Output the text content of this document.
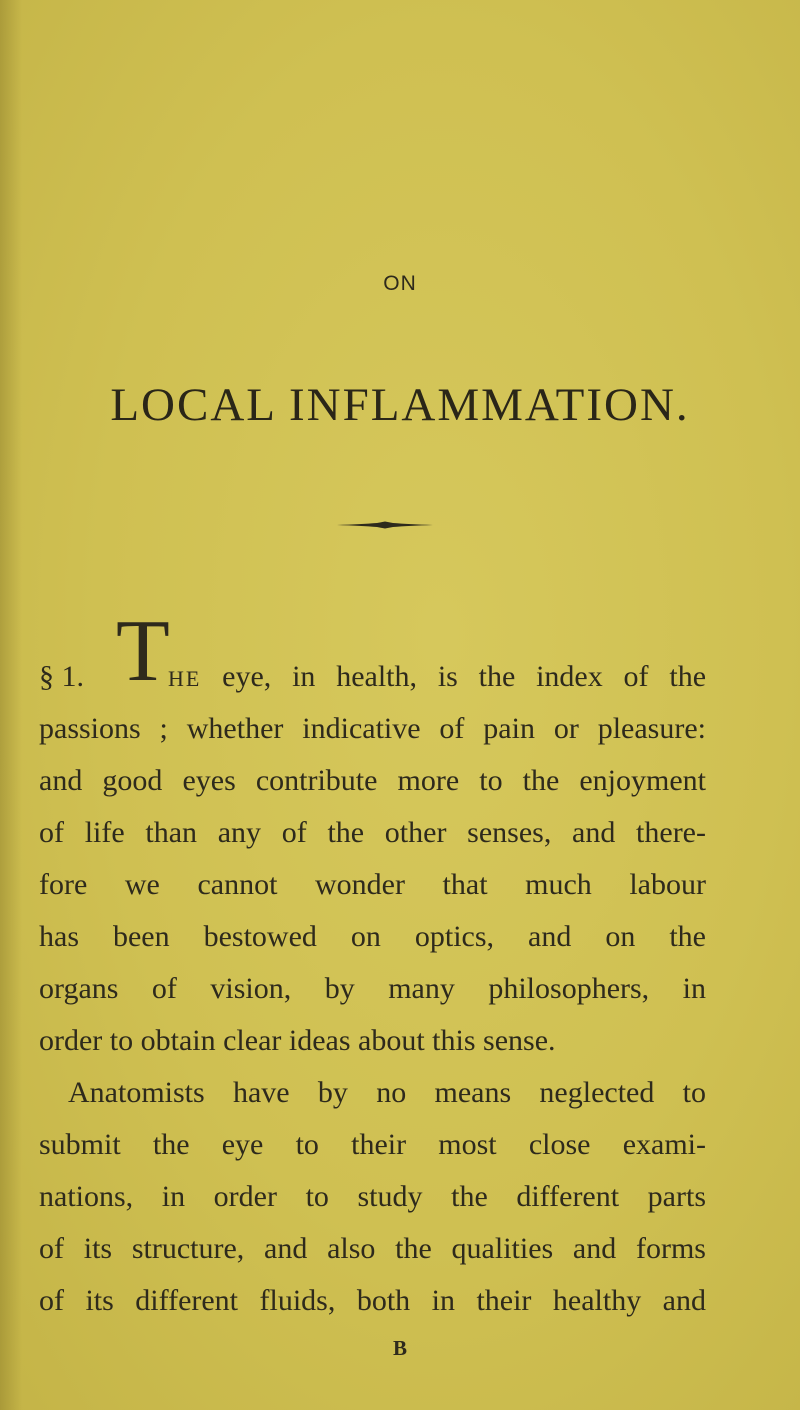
ON
LOCAL INFLAMMATION.
§ 1. T
HE eye, in health, is the index of the
passions ; whether indicative of pain or pleasure:
and good eyes contribute more to the enjoyment
of life than any of the other senses, and there-
fore we cannot wonder that much labour
has been bestowed on optics, and on the
organs of vision, by many philosophers, in
order to obtain clear ideas about this sense.
Anatomists have by no means neglected to
submit the eye to their most close exami-
nations, in order to study the different parts
of its structure, and also the qualities and forms
of its different fluids, both in their healthy and
B
